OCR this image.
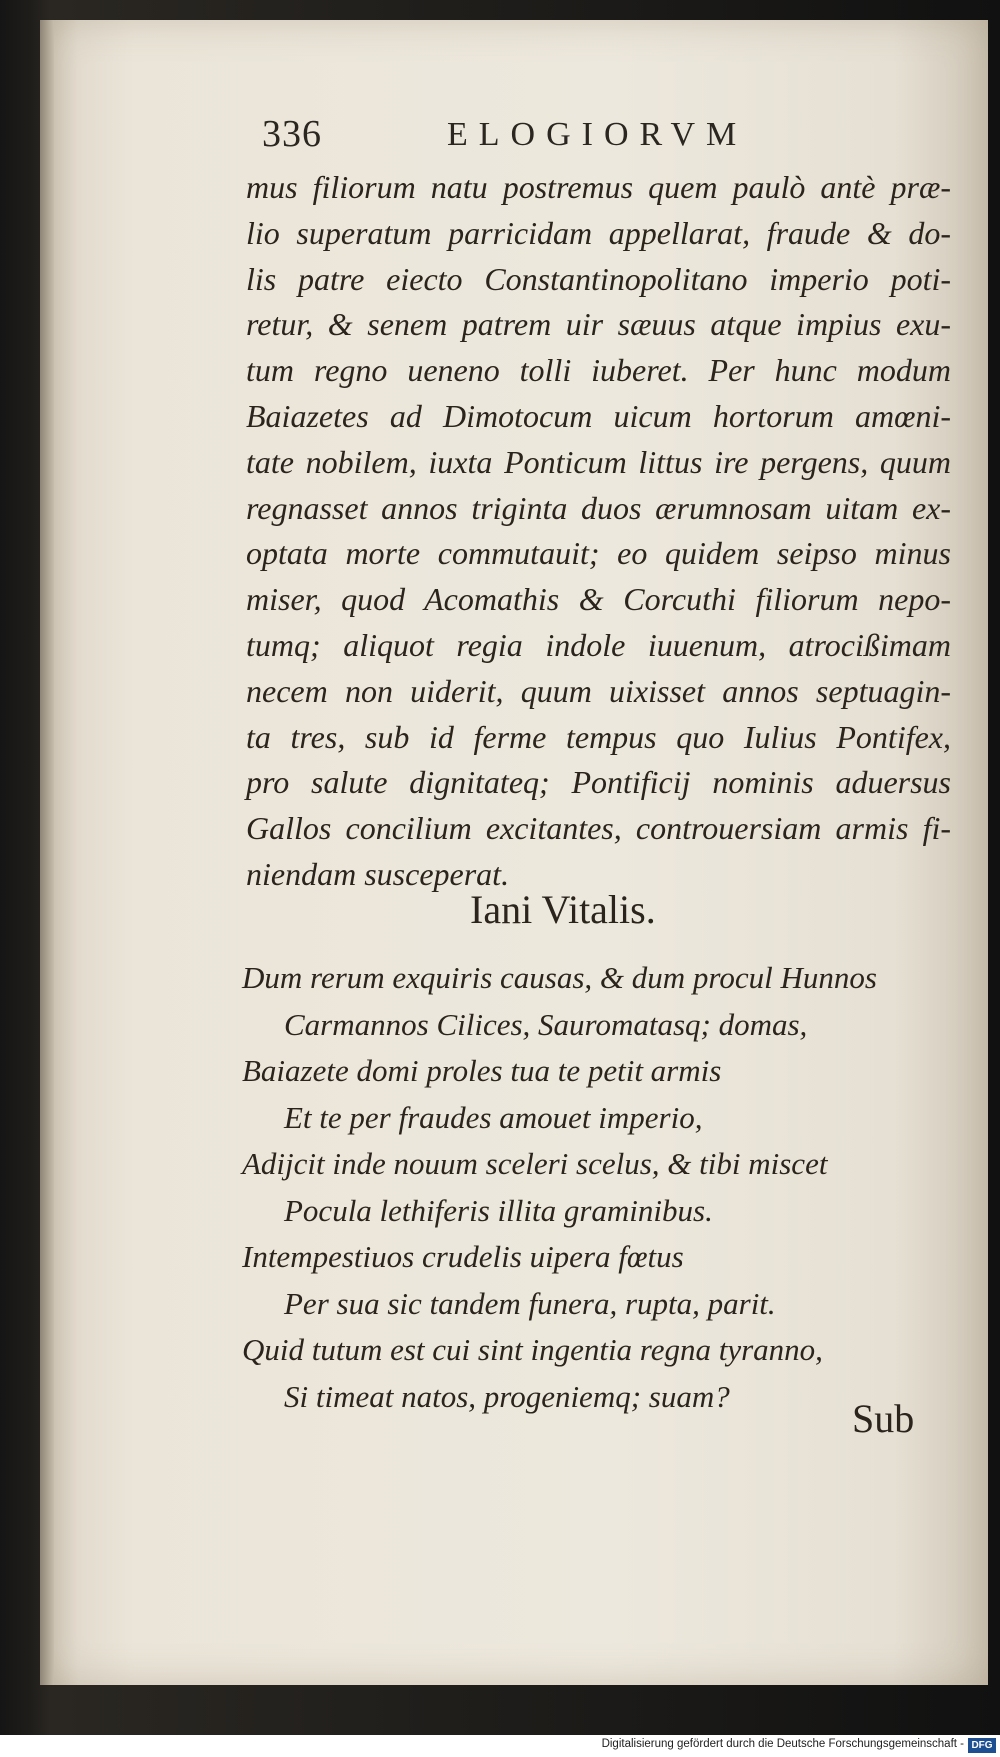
336	ELOGIORVM
mus filiorum natu postremus quem paulò antè præ-
lio superatum parricidam appellarat, fraude & do-
lis patre eiecto Constantinopolitano imperio poti-
retur, & senem patrem uir sæuus atque impius exu-
tum regno ueneno tolli iuberet. Per hunc modum
Baiazetes ad Dimotocum uicum hortorum amœni-
tate nobilem, iuxta Ponticum littus ire pergens, quum
regnasset annos triginta duos ærumnosam uitam ex-
optata morte commutauit; eo quidem seipso minus
miser, quod Acomathis & Corcuthi filiorum nepo-
tumq; aliquot regia indole iuuenum, atrocißimam
necem non uiderit, quum uixisset annos septuagin-
ta tres, sub id ferme tempus quo Iulius Pontifex,
pro salute dignitateq; Pontificij nominis aduersus
Gallos concilium excitantes, controuersiam armis fi-
niendam susceperat.
Iani Vitalis.
Dum rerum exquiris causas, & dum procul Hunnos
Carmannos Cilices, Sauromatasq; domas,
Baiazete domi proles tua te petit armis
Et te per fraudes amouet imperio,
Adijcit inde nouum sceleri scelus, & tibi miscet
Pocula lethiferis illita graminibus.
Intempestiuos crudelis uipera fœtus
Per sua sic tandem funera, rupta, parit.
Quid tutum est cui sint ingentia regna tyranno,
Si timeat natos, progeniemq; suam?	Sub
Digitalisierung gefördert durch die Deutsche Forschungsgemeinschaft - DFG
